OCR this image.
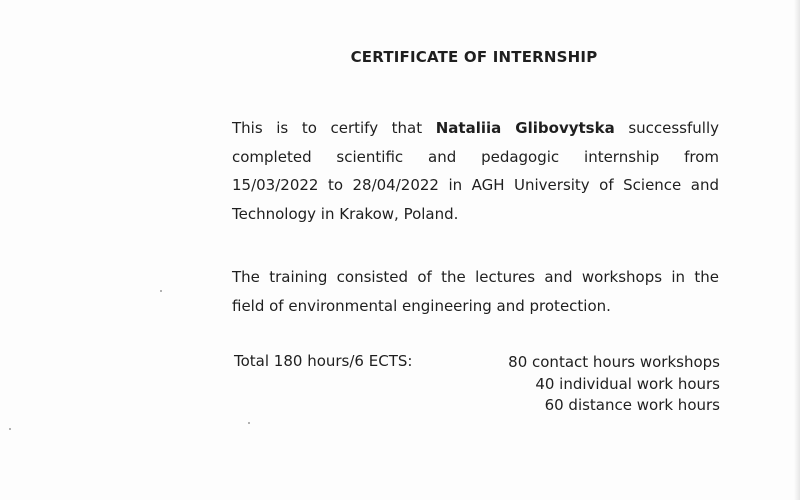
CERTIFICATE OF INTERNSHIP
This is to certify that Nataliia Glibovytska successfully
completed scientific and pedagogic internship from
15/03/2022 to 28/04/2022 in AGH University of Science and
Technology in Krakow, Poland.
The training consisted of the lectures and workshops in the
field of environmental engineering and protection.

Total 180 hours/6 ECTS:	80 contact hours workshops
40 individual work hours
60 distance work hours
